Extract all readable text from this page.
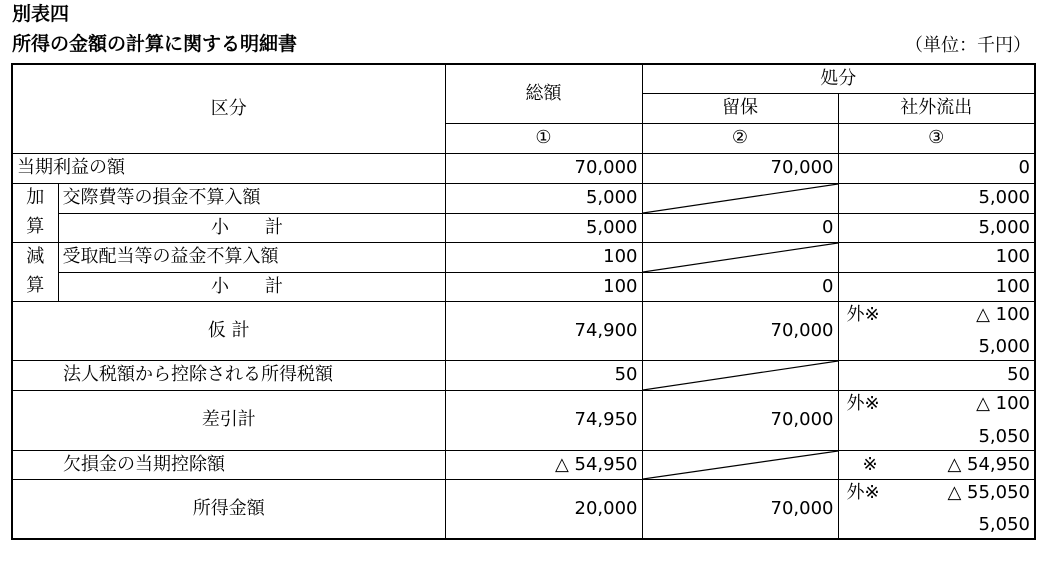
別表四
所得の金額の計算に関する明細書	（単位：千円）
区分		総額	処分	
			留保	社外流出
		①	②	③
当期利益の額		70,000	70,000	0
加	交際費等の損金不算入額	5,000		5,000
算	小　計	5,000	0	5,000
減	受取配当等の益金不算入額	100		100
算	小　計	100	0	100
仮 計		74,900	70,000	外※ △ 100
5,000

法人税額から控除される所得税額		50		50
差引計		74,950	70,000	外※ △ 100
5,050

欠損金の当期控除額		△ 54,950		※ △ 54,950

所得金額		20,000	70,000	外※ △ 55,050
5,050
